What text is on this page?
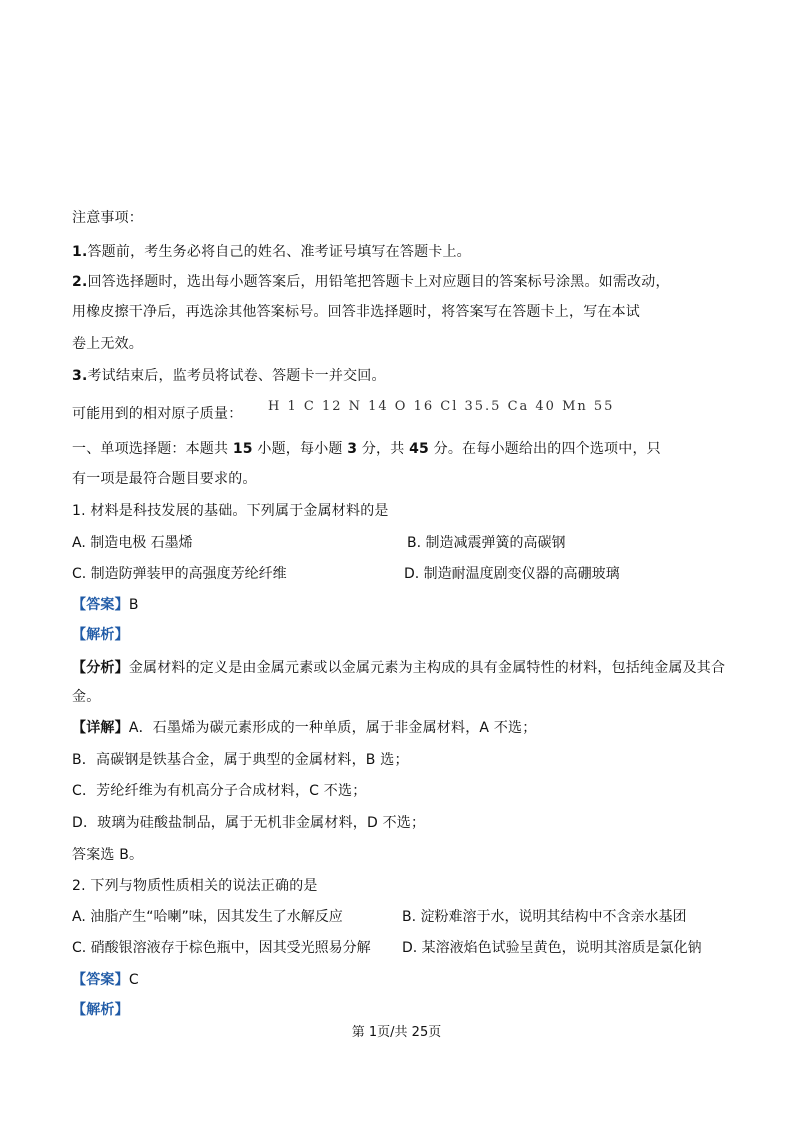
注意事项：
1.答题前，考生务必将自己的姓名、准考证号填写在答题卡上。
2.回答选择题时，选出每小题答案后，用铅笔把答题卡上对应题目的答案标号涂黑。如需改动，
用橡皮擦干净后，再选涂其他答案标号。回答非选择题时，将答案写在答题卡上，写在本试
卷上无效。
3.考试结束后，监考员将试卷、答题卡一并交回。
可能用到的相对原子质量： H 1 C 12 N 14 O 16 Cl 35.5 Ca 40 Mn 55
一、单项选择题：本题共 15 小题，每小题 3 分，共 45 分。在每小题给出的四个选项中，只
有一项是最符合题目要求的。
1. 材料是科技发展的基础。下列属于金属材料的是
A. 制造电极 石墨烯	B. 制造减震弹簧的高碳钢
C. 制造防弹装甲的高强度芳纶纤维	D. 制造耐温度剧变仪器的高硼玻璃
【答案】B
【解析】
【分析】金属材料的定义是由金属元素或以金属元素为主构成的具有金属特性的材料，包括纯金属及其合
金。
【详解】A．石墨烯为碳元素形成的一种单质，属于非金属材料，A 不选；
B．高碳钢是铁基合金，属于典型的金属材料，B 选；
C．芳纶纤维为有机高分子合成材料，C 不选；
D．玻璃为硅酸盐制品，属于无机非金属材料，D 不选；
答案选 B。
2. 下列与物质性质相关的说法正确的是
A. 油脂产生“哈喇”味，因其发生了水解反应	B. 淀粉难溶于水，说明其结构中不含亲水基团
C. 硝酸银溶液存于棕色瓶中，因其受光照易分解 D. 某溶液焰色试验呈黄色，说明其溶质是氯化钠
【答案】C
【解析】
第 1页/共 25页
